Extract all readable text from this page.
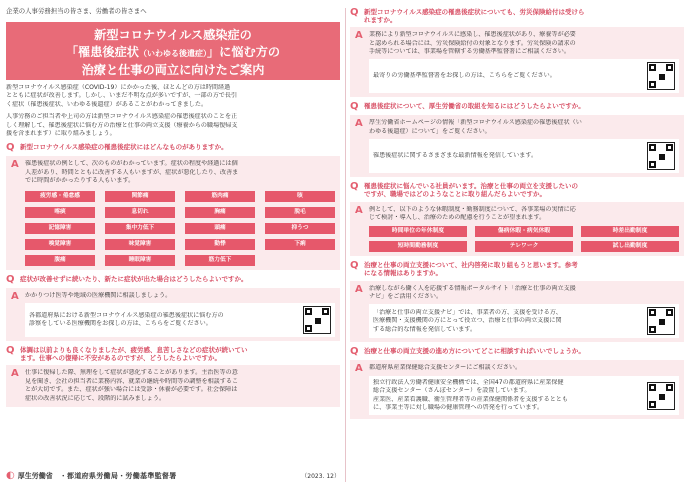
企業の人事労務担当の皆さま、労働者の皆さまへ
新型コロナウイルス感染症の
「罹患後症状（いわゆる後遺症）」に悩む方の
治療と仕事の両立に向けたご案内
新型コロナウイルス感染症（COVID-19）にかかった後、ほとんどの方は時間経過
とともに症状が改善します。しかし、いまだ不明な点が多いですが、一部の方で長引
く症状（罹患後症状、いわゆる後遺症）があることがわかってきました。
人事労務のご担当者や上司の方は新型コロナウイルス感染症の罹患後症状のことを正
しく理解して、罹患後症状に悩む方の治療と仕事の両立支援（療養からの職場復帰支
援を含まれます）に取り組みましょう。
Q 新型コロナウイルス感染症の罹患後症状にはどんなものがありますか。
A	罹患後症状の例として、次のものがわかっています。症状の程度や経過には個
人差があり、時間とともに改善する人もいますが、症状が悪化したり、改善ま
でに時間がかかったりする人もいます。
疲労感・倦怠感	関節痛	筋肉痛	咳
喀痰	息切れ	胸痛	脱毛
記憶障害	集中力低下	頭痛	抑うつ
嗅覚障害	味覚障害	動悸	下痢
腹痛	睡眠障害	筋力低下
Q 症状が改善せずに続いたり、新たに症状が出た場合はどうしたらよいですか。
A	かかりつけ医等や地域の医療機関に相談しましょう。
各都道府県における新型コロナウイルス感染症の罹患後症状に悩む方の
診察をしている医療機関をお探しの方は、こちらをご覧ください。
Q 体調は以前よりも良くなりましたが、疲労感、息苦しさなどの症状が続いてい
ます。仕事への復帰に不安があるのですが、どうしたらよいですか。
A	仕事に復帰した際、無理をして症状が悪化することがあります。主治医等の意
見を聞き、会社の担当者に業務内容、就業の継続や時間等の調整を相談するこ
とが大切です。また、症状が強い場合には受診・休養が必要です。社会保障は
症状の改善状況に応じて、段階的に試みましょう。
◐ 厚生労働省 ・都道府県労働局・労働基準監督署	（2023. 12）
Q 新型コロナウイルス感染症の罹患後症状についても、労災保険給付は受けら
れますか。
A	業務により新型コロナウイルスに感染し、罹患後症状があり、療養等が必要
と認められる場合には、労災保険給付の対象となります。労災保険の請求の
手続等については、事業場を管轄する労働基準監督署にご相談ください。
最寄りの労働基準監督署をお探しの方は、こちらをご覧ください。
Q 罹患後症状について、厚生労働省の取組を知るにはどうしたらよいですか。
A	厚生労働省ホームページの情報「新型コロナウイルス感染症の罹患後症状（い
わゆる後遺症）について」をご覧ください。
罹患後症状に関するさまざまな最新情報を発信しています。
Q 罹患後症状に悩んでいる社員がいます。治療と仕事の両立を支援したいの
ですが、職場ではどのようなことに取り組んだらよいですか。
A	例として、以下のような休暇制度・勤務制度について、各事業場の実情に応
じて検討・導入し、治療のための配慮を行うことが望まれます。
時間単位の年休制度	傷病休暇・病気休暇	時差出勤制度
短時間勤務制度	テレワーク	試し出勤制度
Q 治療と仕事の両立支援について、社内啓発に取り組もうと思います。参考
になる情報はありますか。
A	治療しながら働く人を応援する情報ポータルサイト「治療と仕事の両立支援
ナビ」をご活用ください。
「治療と仕事の両立支援ナビ」では、事業者の方、支援を受ける方、
医療機関・支援機関の方にとって役立つ、治療と仕事の両立支援に関
する総合的な情報を発信しています。
Q 治療と仕事の両立支援の進め方についてどこに相談すればいいでしょうか。
A	都道府県産業保健総合支援センターにご相談ください。
独立行政法人労働者健康安全機構では、全国47の都道府県に産業保健
総合支援センター（さんぽセンター）を設置しています。
産業医、産業看護職、衛生管理者等の産業保健関係者を支援するととも
に、事業主等に対し職場の健康管理への啓発を行っています。
